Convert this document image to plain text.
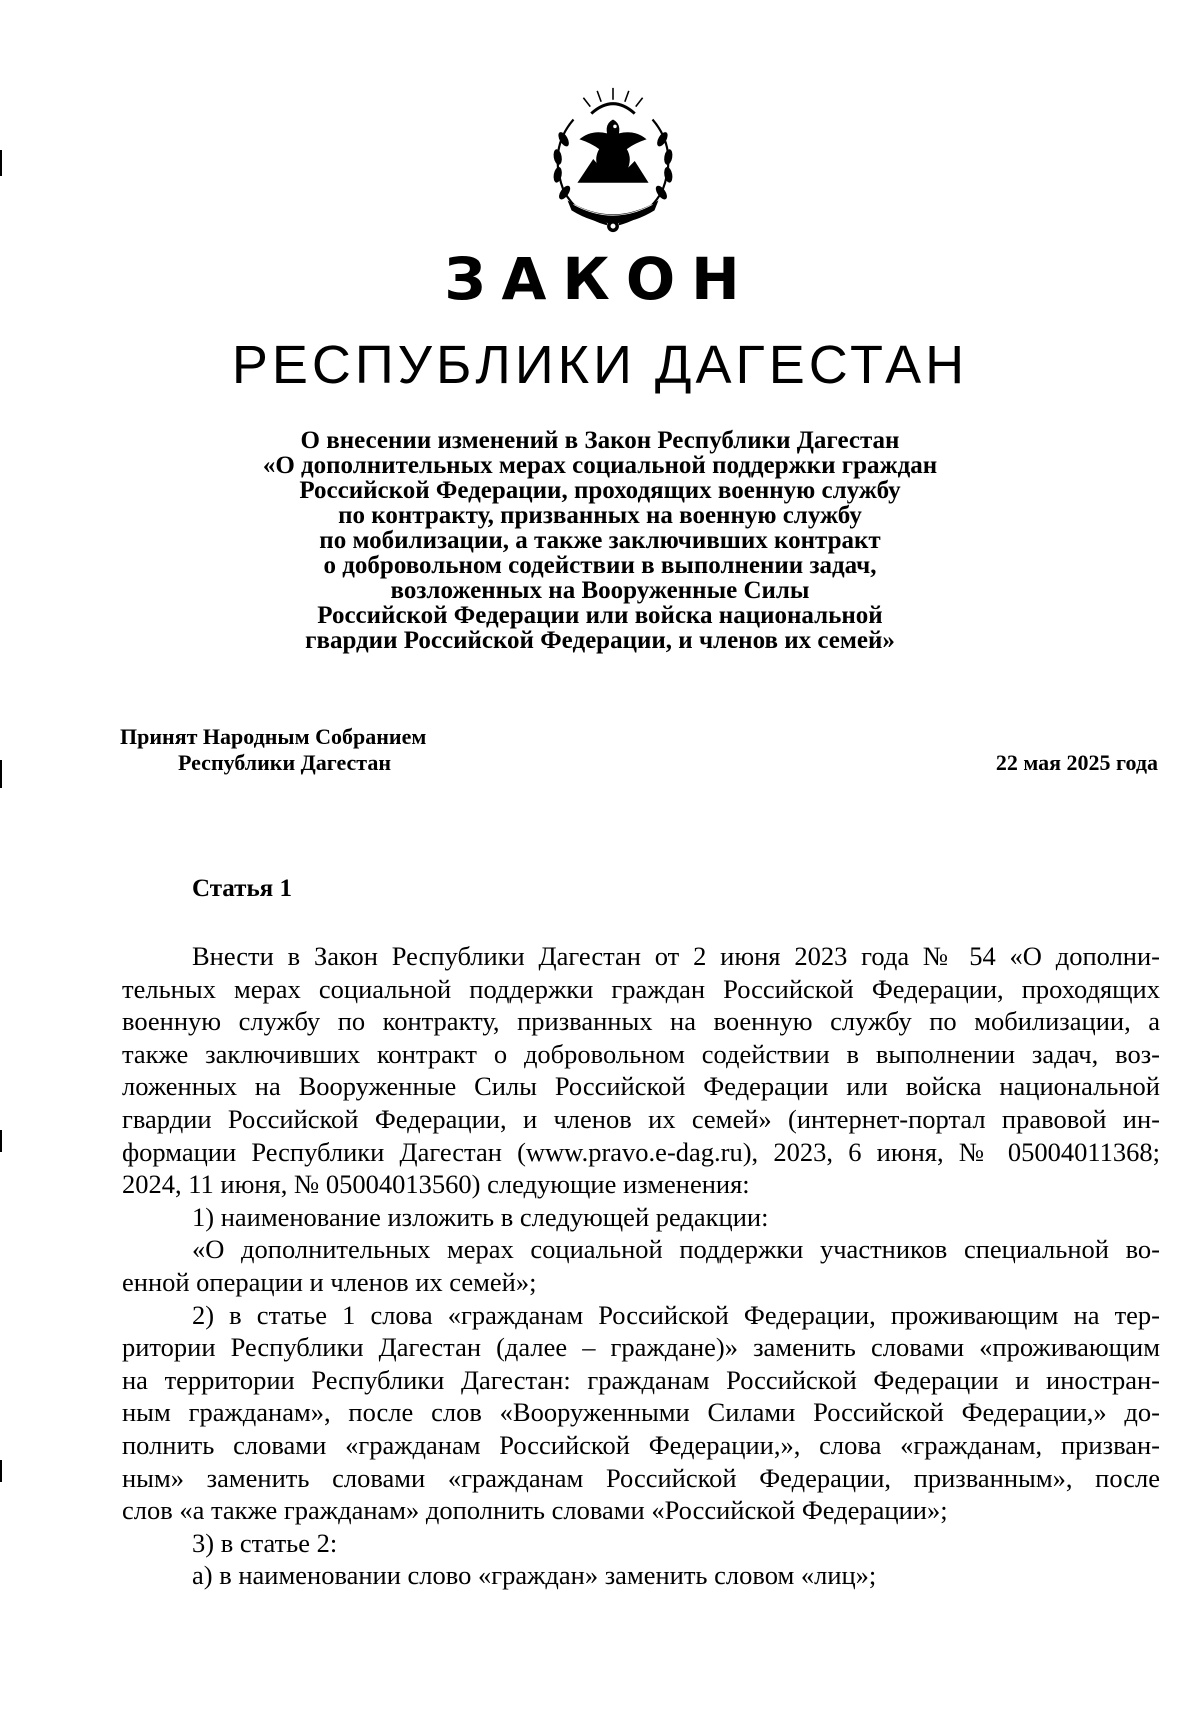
ЗАКОН
РЕСПУБЛИКИ ДАГЕСТАН
О внесении изменений в Закон Республики Дагестан
«О дополнительных мерах социальной поддержки граждан
Российской Федерации, проходящих военную службу
по контракту, призванных на военную службу
по мобилизации, а также заключивших контракт
о добровольном содействии в выполнении задач,
возложенных на Вооруженные Силы
Российской Федерации или войска национальной
гвардии Российской Федерации, и членов их семей»
Принят Народным Собранием
Республики Дагестан	22 мая 2025 года
Статья 1
Внести в Закон Республики Дагестан от 2 июня 2023 года № 54 «О дополни-
тельных мерах социальной поддержки граждан Российской Федерации, проходящих
военную службу по контракту, призванных на военную службу по мобилизации, а
также заключивших контракт о добровольном содействии в выполнении задач, воз-
ложенных на Вооруженные Силы Российской Федерации или войска национальной
гвардии Российской Федерации, и членов их семей» (интернет-портал правовой ин-
формации Республики Дагестан (www.pravo.e-dag.ru), 2023, 6 июня, № 05004011368;
2024, 11 июня, № 05004013560) следующие изменения:
1) наименование изложить в следующей редакции:
«О дополнительных мерах социальной поддержки участников специальной во-
енной операции и членов их семей»;
2) в статье 1 слова «гражданам Российской Федерации, проживающим на тер-
ритории Республики Дагестан (далее – граждане)» заменить словами «проживающим
на территории Республики Дагестан: гражданам Российской Федерации и иностран-
ным гражданам», после слов «Вооруженными Силами Российской Федерации,» до-
полнить словами «гражданам Российской Федерации,», слова «гражданам, призван-
ным» заменить словами «гражданам Российской Федерации, призванным», после
слов «а также гражданам» дополнить словами «Российской Федерации»;
3) в статье 2:
а) в наименовании слово «граждан» заменить словом «лиц»;
